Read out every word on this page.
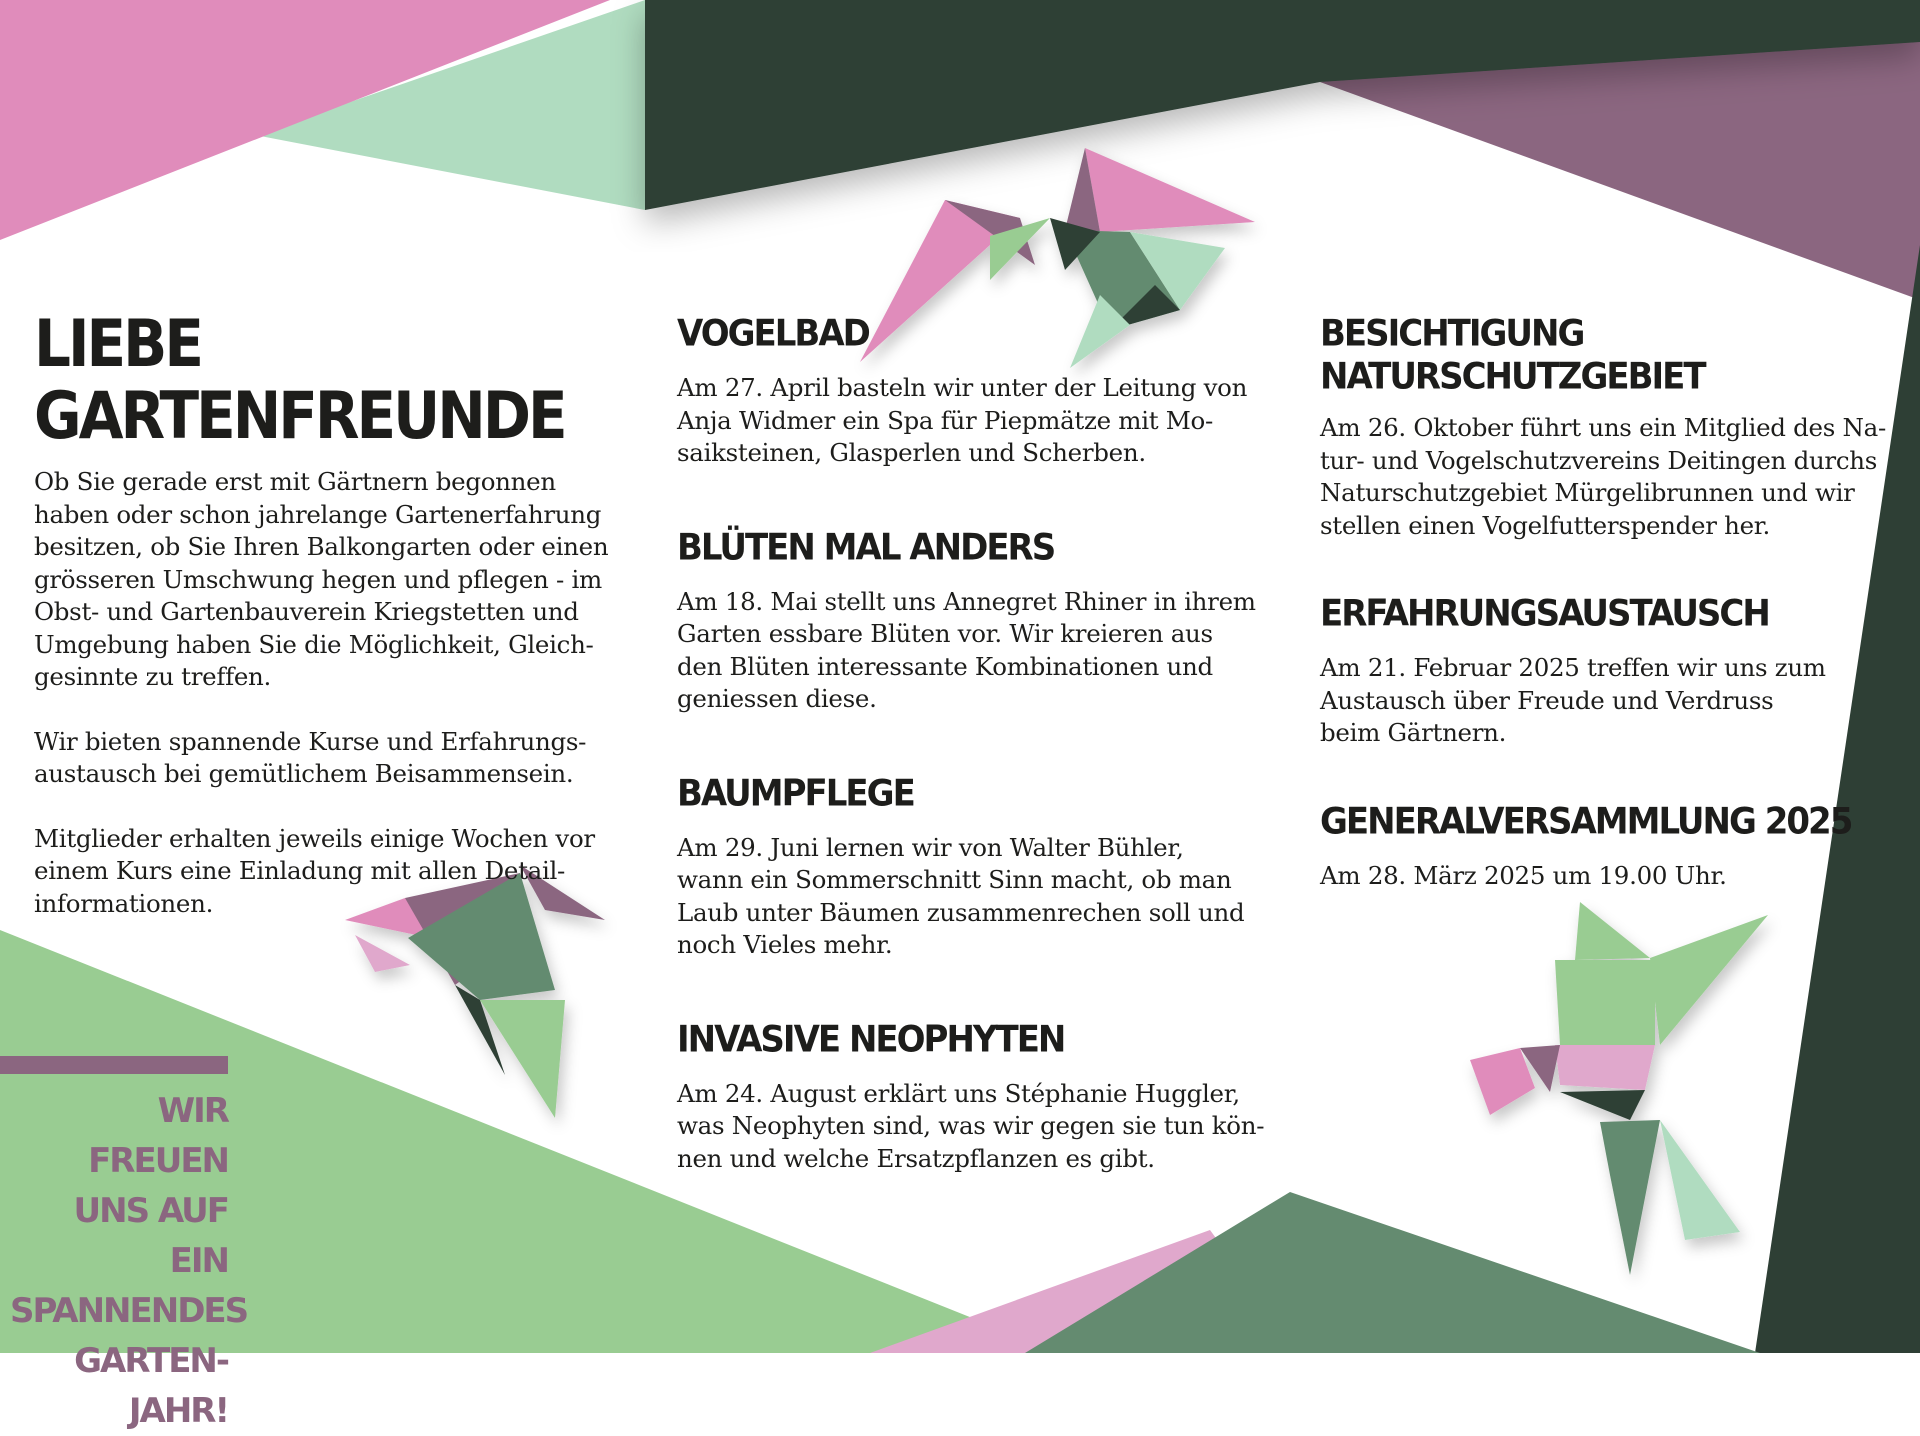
LIEBE GARTENFREUNDE

Ob Sie gerade erst mit Gärtnern begonnen
haben oder schon jahrelange Gartenerfahrung
besitzen, ob Sie Ihren Balkongarten oder einen
grösseren Umschwung hegen und pflegen - im
Obst- und Gartenbauverein Kriegstetten und
Umgebung haben Sie die Möglichkeit, Gleich-
gesinnte zu treffen.

Wir bieten spannende Kurse und Erfahrungs-
austausch bei gemütlichem Beisammensein.

Mitglieder erhalten jeweils einige Wochen vor
einem Kurs eine Einladung mit allen Detail-
informationen.

WIR FREUEN
UNS AUF EIN
SPANNENDES
GARTEN-
JAHR!
VOGELBAD

Am 27. April basteln wir unter der Leitung von
Anja Widmer ein Spa für Piepmätze mit Mo-
saiksteinen, Glasperlen und Scherben.

BLÜTEN MAL ANDERS

Am 18. Mai stellt uns Annegret Rhiner in ihrem
Garten essbare Blüten vor. Wir kreieren aus
den Blüten interessante Kombinationen und
geniessen diese.

BAUMPFLEGE

Am 29. Juni lernen wir von Walter Bühler,
wann ein Sommerschnitt Sinn macht, ob man
Laub unter Bäumen zusammenrechen soll und
noch Vieles mehr.

INVASIVE NEOPHYTEN

Am 24. August erklärt uns Stéphanie Huggler,
was Neophyten sind, was wir gegen sie tun kön-
nen und welche Ersatzpflanzen es gibt.

BESICHTIGUNG NATURSCHUTZGEBIET

Am 26. Oktober führt uns ein Mitglied des Na-
tur- und Vogelschutzvereins Deitingen durchs
Naturschutzgebiet Mürgelibrunnen und wir
stellen einen Vogelfutterspender her.

ERFAHRUNGSAUSTAUSCH

Am 21. Februar 2025 treffen wir uns zum
Austausch über Freude und Verdruss
beim Gärtnern.

GENERALVERSAMMLUNG 2025

Am 28. März 2025 um 19.00 Uhr.
